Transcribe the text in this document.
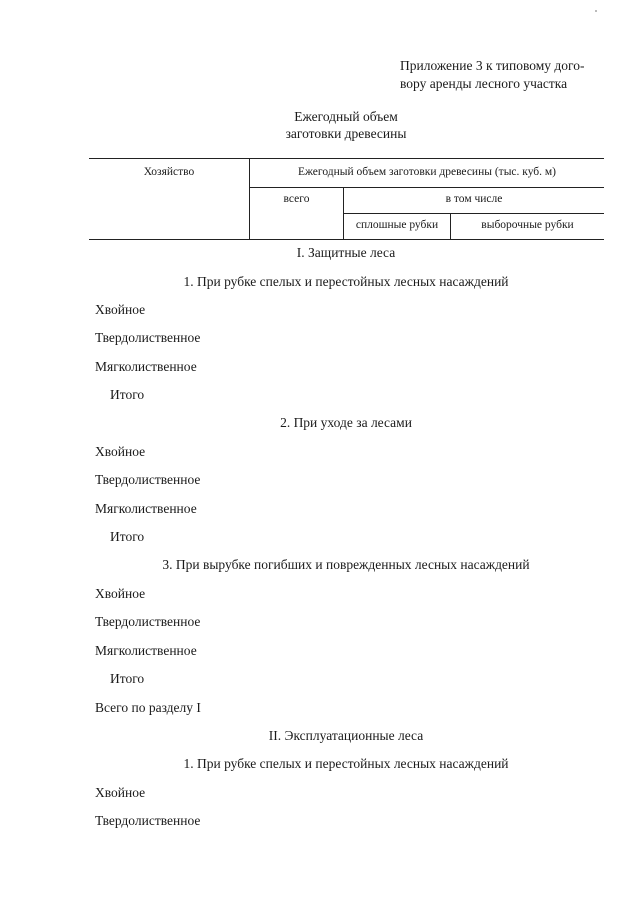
Приложение 3 к типовому дого-
вору аренды лесного участка
Ежегодный объем
заготовки древесины
Хозяйство	Ежегодный объем заготовки древесины (тыс. куб. м)
всего	в том числе
сплошные рубки	выборочные рубки
I. Защитные леса
1. При рубке спелых и перестойных лесных насаждений
Хвойное
Твердолиственное
Мягколиственное
Итого
2. При уходе за лесами
Хвойное
Твердолиственное
Мягколиственное
Итого
3. При вырубке погибших и поврежденных лесных насаждений
Хвойное
Твердолиственное
Мягколиственное
Итого
Всего по разделу I
II. Эксплуатационные леса
1. При рубке спелых и перестойных лесных насаждений
Хвойное
Твердолиственное
